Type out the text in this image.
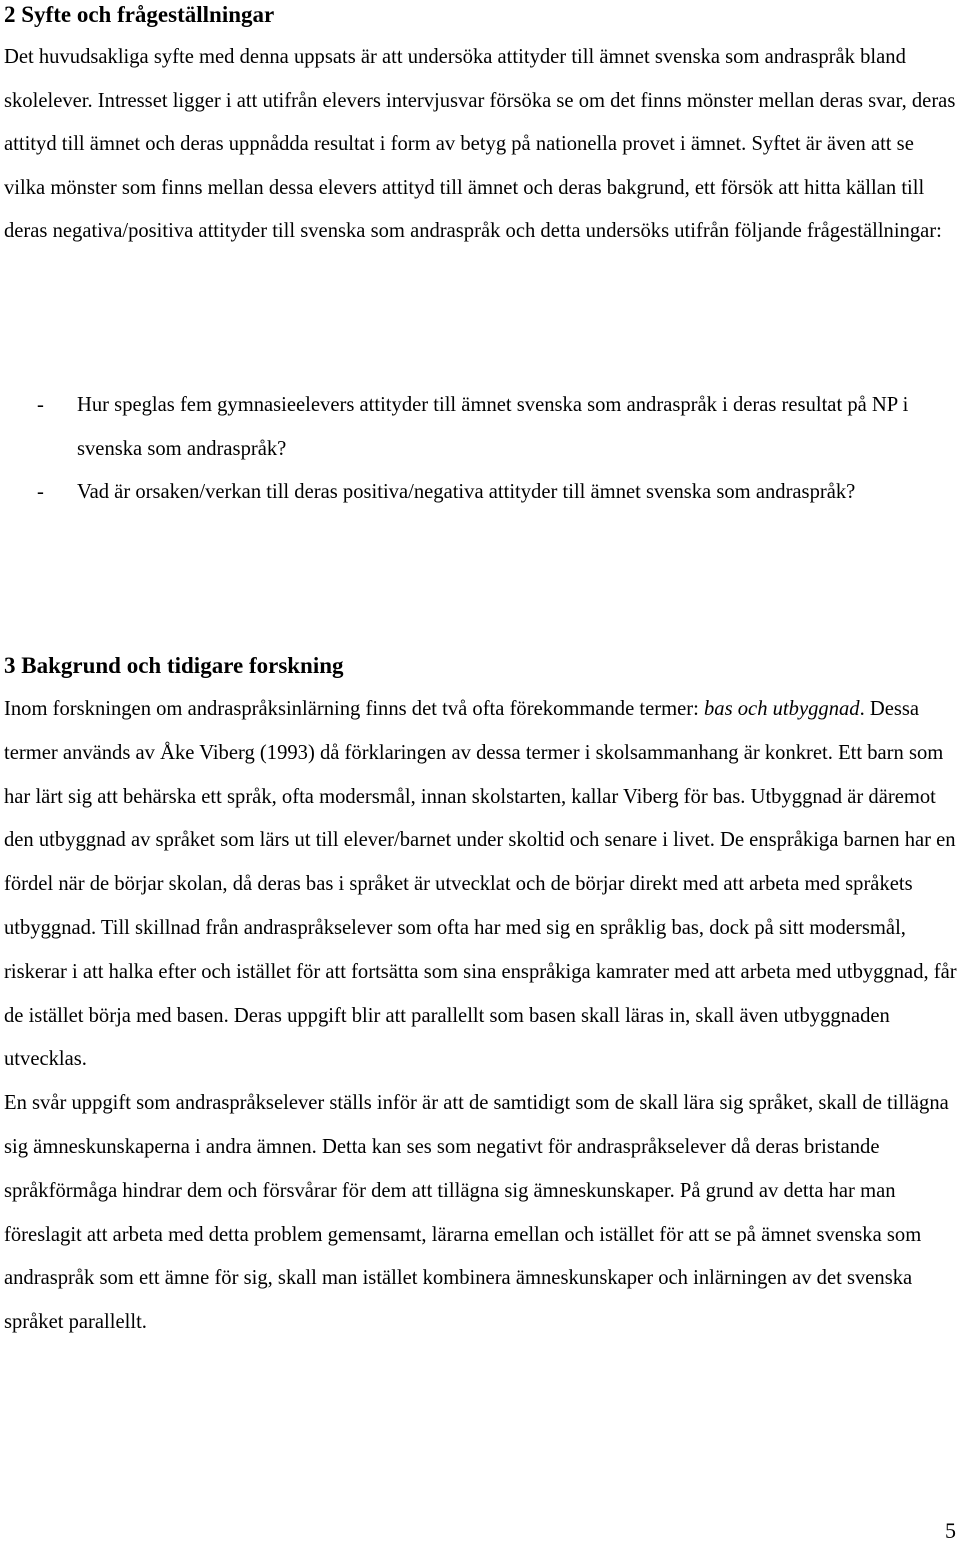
2 Syfte och frågeställningar

Det huvudsakliga syfte med denna uppsats är att undersöka attityder till ämnet svenska som andraspråk bland skolelever. Intresset ligger i att utifrån elevers intervjusvar försöka se om det finns mönster mellan deras svar, deras attityd till ämnet och deras uppnådda resultat i form av betyg på nationella provet i ämnet. Syftet är även att se vilka mönster som finns mellan dessa elevers attityd till ämnet och deras bakgrund, ett försök att hitta källan till deras negativa/positiva attityder till svenska som andraspråk och detta undersöks utifrån följande frågeställningar:

- Hur speglas fem gymnasieelevers attityder till ämnet svenska som andraspråk i deras resultat på NP i svenska som andraspråk?
- Vad är orsaken/verkan till deras positiva/negativa attityder till ämnet svenska som andraspråk?
3 Bakgrund och tidigare forskning

Inom forskningen om andraspråksinlärning finns det två ofta förekommande termer: bas och utbyggnad. Dessa termer används av Åke Viberg (1993) då förklaringen av dessa termer i skolsammanhang är konkret. Ett barn som har lärt sig att behärska ett språk, ofta modersmål, innan skolstarten, kallar Viberg för bas. Utbyggnad är däremot den utbyggnad av språket som lärs ut till elever/barnet under skoltid och senare i livet. De enspråkiga barnen har en fördel när de börjar skolan, då deras bas i språket är utvecklat och de börjar direkt med att arbeta med språkets utbyggnad. Till skillnad från andraspråkselever som ofta har med sig en språklig bas, dock på sitt modersmål, riskerar i att halka efter och istället för att fortsätta som sina enspråkiga kamrater med att arbeta med utbyggnad, får de istället börja med basen. Deras uppgift blir att parallellt som basen skall läras in, skall även utbyggnaden utvecklas.
En svår uppgift som andraspråkselever ställs inför är att de samtidigt som de skall lära sig språket, skall de tillägna sig ämneskunskaperna i andra ämnen. Detta kan ses som negativt för andraspråkselever då deras bristande språkförmåga hindrar dem och försvårar för dem att tillägna sig ämneskunskaper. På grund av detta har man föreslagit att arbeta med detta problem gemensamt, lärarna emellan och istället för att se på ämnet svenska som andraspråk som ett ämne för sig, skall man istället kombinera ämneskunskaper och inlärningen av det svenska språket parallellt.

5
